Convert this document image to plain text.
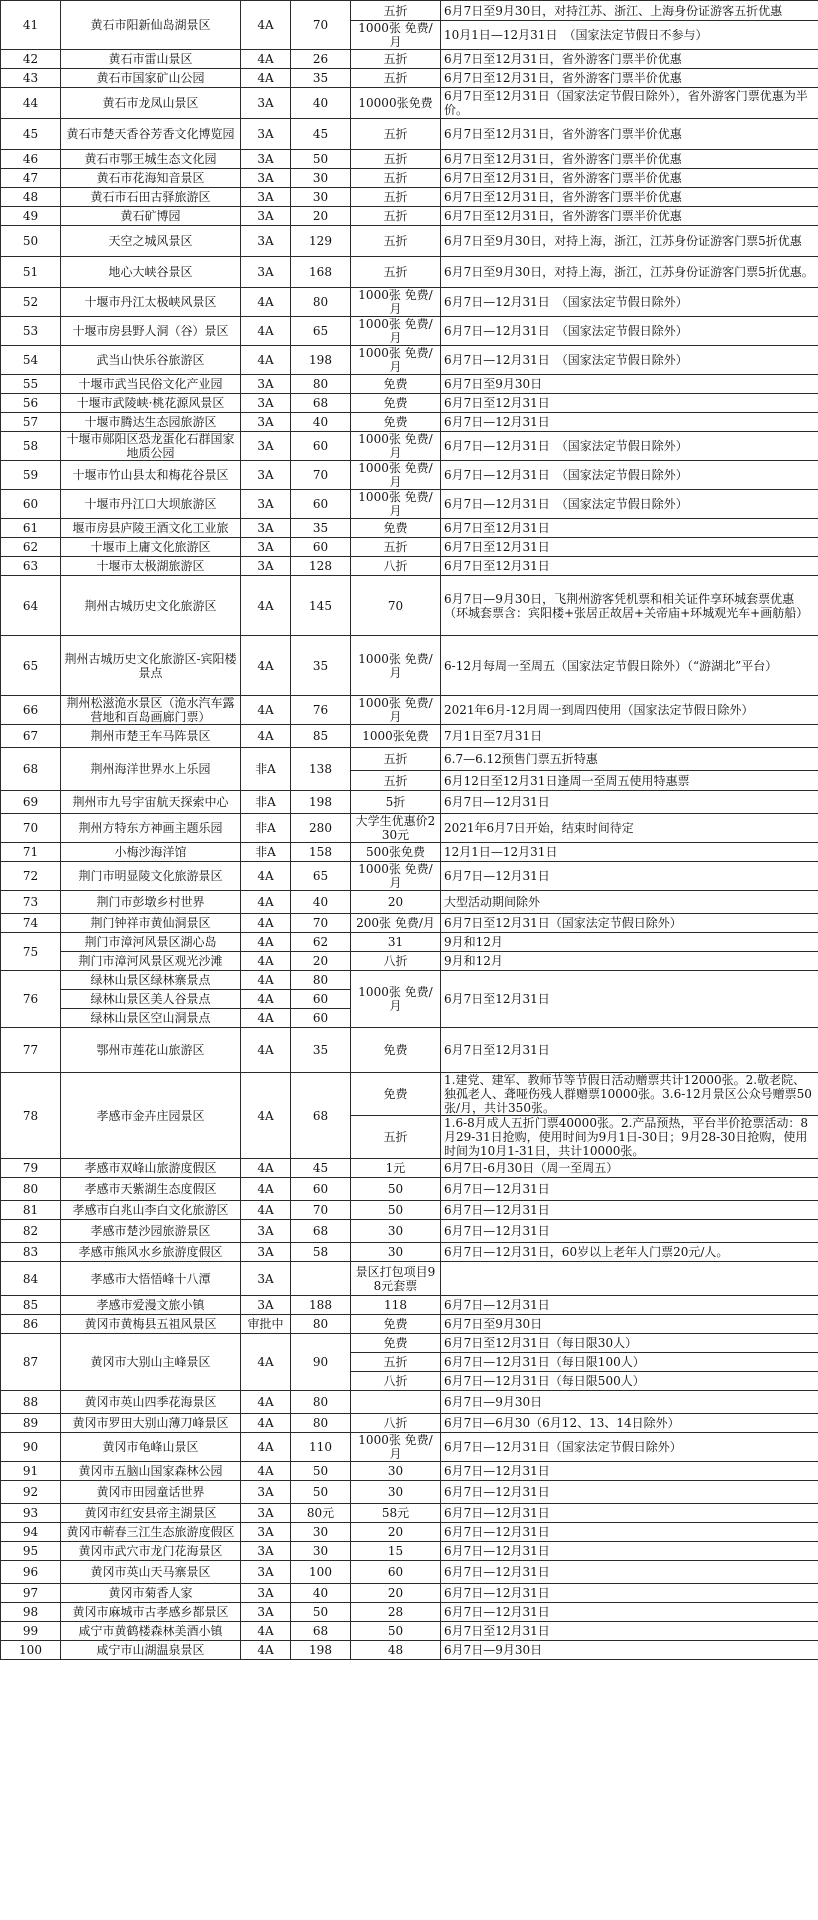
41	黄石市阳新仙岛湖景区	4A	70	五折	6月7日至9月30日，对持江苏、浙江、上海身份证游客五折优惠
				1000张 免费/月	10月1日—12月31日　（国家法定节假日不参与）
42	黄石市雷山景区	4A	26	五折	6月7日至12月31日，省外游客门票半价优惠
43	黄石市国家矿山公园	4A	35	五折	6月7日至12月31日，省外游客门票半价优惠
44	黄石市龙凤山景区	3A	40	10000张免费	6月7日至12月31日（国家法定节假日除外），省外游客门票优惠为半价。
45	黄石市楚天香谷芳香文化博览园	3A	45	五折	6月7日至12月31日，省外游客门票半价优惠
46	黄石市鄂王城生态文化园	3A	50	五折	6月7日至12月31日，省外游客门票半价优惠
47	黄石市花海知音景区	3A	30	五折	6月7日至12月31日，省外游客门票半价优惠
48	黄石市石田古驿旅游区	3A	30	五折	6月7日至12月31日，省外游客门票半价优惠
49	黄石矿博园	3A	20	五折	6月7日至12月31日，省外游客门票半价优惠
50	天空之城风景区	3A	129	五折	6月7日至9月30日，对持上海，浙江，江苏身份证游客门票5折优惠
51	地心大峡谷景区	3A	168	五折	6月7日至9月30日，对持上海，浙江，江苏身份证游客门票5折优惠。
52	十堰市丹江太极峡风景区	4A	80	1000张 免费/月	6月7日—12月31日　（国家法定节假日除外）
53	十堰市房县野人洞（谷）景区	4A	65	1000张 免费/月	6月7日—12月31日　（国家法定节假日除外）
54	武当山快乐谷旅游区	4A	198	1000张 免费/月	6月7日—12月31日　（国家法定节假日除外）
55	十堰市武当民俗文化产业园	3A	80	免费	6月7日至9月30日
56	十堰市武陵峡·桃花源风景区	3A	68	免费	6月7日至12月31日
57	十堰市腾达生态园旅游区	3A	40	免费	6月7日—12月31日
58	十堰市郧阳区恐龙蛋化石群国家地质公园	3A	60	1000张 免费/月	6月7日—12月31日　（国家法定节假日除外）
59	十堰市竹山县太和梅花谷景区	3A	70	1000张 免费/月	6月7日—12月31日　（国家法定节假日除外）
60	十堰市丹江口大坝旅游区	3A	60	1000张 免费/月	6月7日—12月31日　（国家法定节假日除外）
61	堰市房县庐陵王酒文化工业旅	3A	35	免费	6月7日至12月31日
62	十堰市上庸文化旅游区	3A	60	五折	6月7日至12月31日
63	十堰市太极湖旅游区	3A	128	八折	6月7日至12月31日
64	荆州古城历史文化旅游区	4A	145	70	6月7日—9月30日，飞荆州游客凭机票和相关证件享环城套票优惠（环城套票含：宾阳楼+张居正故居+关帝庙+环城观光车+画舫船）
65	荆州古城历史文化旅游区-宾阳楼景点	4A	35	1000张 免费/月	6-12月每周一至周五（国家法定节假日除外）（“游湖北”平台）
66	荆州松滋洈水景区（洈水汽车露营地和百岛画廊门票）	4A	76	1000张 免费/月	2021年6月-12月周一到周四使用（国家法定节假日除外）
67	荆州市楚王车马阵景区	4A	85	1000张免费	7月1日至7月31日
68	荆州海洋世界水上乐园	非A	138	五折	6.7—6.12预售门票五折特惠
				五折	6月12日至12月31日逢周一至周五使用特惠票
69	荆州市九号宇宙航天探索中心	非A	198	5折	6月7日—12月31日
70	荆州方特东方神画主题乐园	非A	280	大学生优惠价230元	2021年6月7日开始，结束时间待定
71	小梅沙海洋馆	非A	158	500张免费	12月1日—12月31日
72	荆门市明显陵文化旅游景区	4A	65	1000张 免费/月	6月7日—12月31日
73	荆门市彭墩乡村世界	4A	40	20	大型活动期间除外
74	荆门钟祥市黄仙洞景区	4A	70	200张 免费/月	6月7日至12月31日（国家法定节假日除外）
75	荆门市漳河风景区湖心岛	4A	62	31	9月和12月
	荆门市漳河风景区观光沙滩	4A	20	八折	9月和12月
76	绿林山景区绿林寨景点	4A	80	1000张 免费/月	6月7日至12月31日
	绿林山景区美人谷景点	4A	60		
	绿林山景区空山洞景点	4A	60		
77	鄂州市莲花山旅游区	4A	35	免费	6月7日至12月31日
78	孝感市金卉庄园景区	4A	68	免费	1.建党、建军、教师节等节假日活动赠票共计12000张。2.敬老院、独孤老人、聋哑伤残人群赠票10000张。3.6-12月景区公众号赠票50张/月，共计350张。
				五折	1.6-8月成人五折门票40000张。2.产品预热，平台半价抢票活动：8月29-31日抢购，使用时间为9月1日-30日；9月28-30日抢购，使用时间为10月1-31日，共计10000张。
79	孝感市双峰山旅游度假区	4A	45	1元	6月7日-6月30日（周一至周五）
80	孝感市天紫湖生态度假区	4A	60	50	6月7日—12月31日
81	孝感市白兆山李白文化旅游区	4A	70	50	6月7日—12月31日
82	孝感市楚沙园旅游景区	3A	68	30	6月7日—12月31日
83	孝感市熊风水乡旅游度假区	3A	58	30	6月7日—12月31日，60岁以上老年人门票20元/人。
84	孝感市大悟悟峰十八潭	3A		景区打包项目98元套票	
85	孝感市爱漫文旅小镇	3A	188	118	6月7日—12月31日
86	黄冈市黄梅县五祖风景区	审批中	80	免费	6月7日至9月30日
87	黄冈市大别山主峰景区	4A	90	免费	6月7日至12月31日（每日限30人）
				五折	6月7日—12月31日（每日限100人）
				八折	6月7日—12月31日（每日限500人）
88	黄冈市英山四季花海景区	4A	80		6月7日—9月30日
89	黄冈市罗田大别山薄刀峰景区	4A	80	八折	6月7日—6月30（6月12、13、14日除外）
90	黄冈市龟峰山景区	4A	110	1000张 免费/月	6月7日—12月31日（国家法定节假日除外）
91	黄冈市五脑山国家森林公园	4A	50	30	6月7日—12月31日
92	黄冈市田园童话世界	3A	50	30	6月7日—12月31日
93	黄冈市红安县帝主湖景区	3A	80元	58元	6月7日—12月31日
94	黄冈市蕲春三江生态旅游度假区	3A	30	20	6月7日—12月31日
95	黄冈市武穴市龙门花海景区	3A	30	15	6月7日—12月31日
96	黄冈市英山天马寨景区	3A	100	60	6月7日—12月31日
97	黄冈市菊香人家	3A	40	20	6月7日—12月31日
98	黄冈市麻城市古孝感乡都景区	3A	50	28	6月7日—12月31日
99	咸宁市黄鹤楼森林美酒小镇	4A	68	50	6月7日至12月31日
100	咸宁市山湖温泉景区	4A	198	48	6月7日—9月30日
